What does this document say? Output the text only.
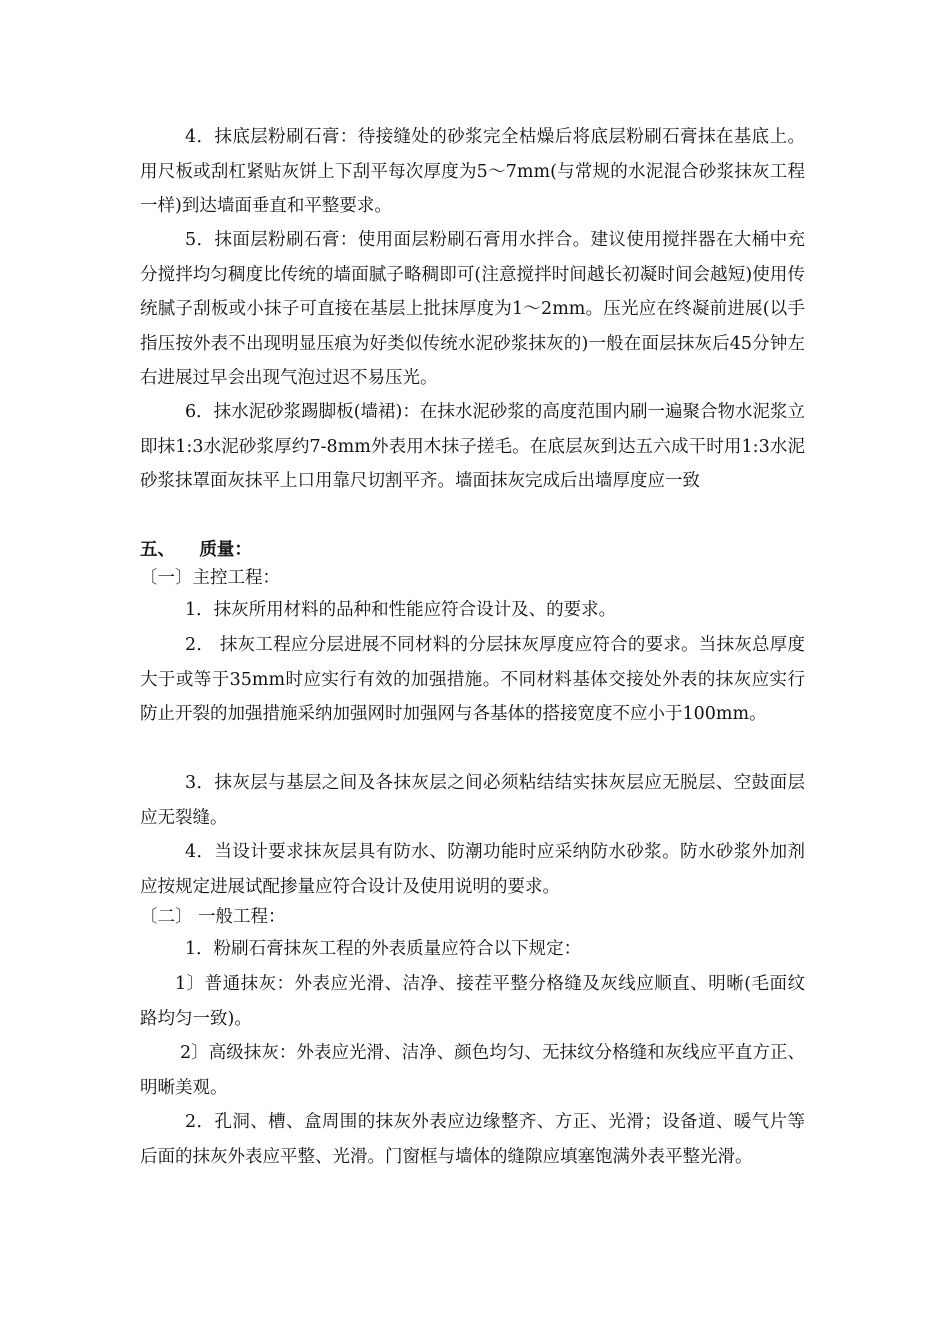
4．抹底层粉刷石膏：待接缝处的砂浆完全枯燥后将底层粉刷石膏抹在基底上。用尺板或刮杠紧贴灰饼上下刮平每次厚度为5～7mm(与常规的水泥混合砂浆抹灰工程一样)到达墙面垂直和平整要求。

5．抹面层粉刷石膏：使用面层粉刷石膏用水拌合。建议使用搅拌器在大桶中充分搅拌均匀稠度比传统的墙面腻子略稠即可(注意搅拌时间越长初凝时间会越短)使用传统腻子刮板或小抹子可直接在基层上批抹厚度为1～2mm。压光应在终凝前进展(以手指压按外表不出现明显压痕为好类似传统水泥砂浆抹灰的)一般在面层抹灰后45分钟左右进展过早会出现气泡过迟不易压光。

6．抹水泥砂浆踢脚板(墙裙)：在抹水泥砂浆的高度范围内刷一遍聚合物水泥浆立即抹1:3水泥砂浆厚约7-8mm外表用木抹子搓毛。在底层灰到达五六成干时用1:3水泥砂浆抹罩面灰抹平上口用靠尺切割平齐。墙面抹灰完成后出墙厚度应一致

五、    质量：

〔一〕主控工程：

1．抹灰所用材料的品种和性能应符合设计及、的要求。

2． 抹灰工程应分层进展不同材料的分层抹灰厚度应符合的要求。当抹灰总厚度大于或等于35mm时应实行有效的加强措施。不同材料基体交接处外表的抹灰应实行防止开裂的加强措施采纳加强网时加强网与各基体的搭接宽度不应小于100mm。

3．抹灰层与基层之间及各抹灰层之间必须粘结结实抹灰层应无脱层、空鼓面层应无裂缝。

4．当设计要求抹灰层具有防水、防潮功能时应采纳防水砂浆。防水砂浆外加剂应按规定进展试配掺量应符合设计及使用说明的要求。

〔二〕 一般工程：

1．粉刷石膏抹灰工程的外表质量应符合以下规定：

1〕普通抹灰：外表应光滑、洁净、接茬平整分格缝及灰线应顺直、明晰(毛面纹路均匀一致)。

2〕高级抹灰：外表应光滑、洁净、颜色均匀、无抹纹分格缝和灰线应平直方正、明晰美观。

2．孔洞、槽、盒周围的抹灰外表应边缘整齐、方正、光滑；设备道、暖气片等后面的抹灰外表应平整、光滑。门窗框与墙体的缝隙应填塞饱满外表平整光滑。
